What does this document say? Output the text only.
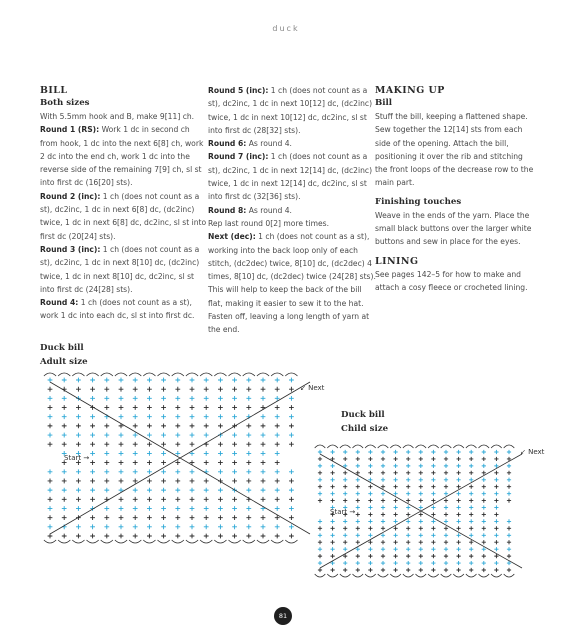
duck
BILL
Both sizes

With 5.5mm hook and B, make 9[11] ch.

Round 1 (RS): Work 1 dc in second ch from hook, 1 dc into the next 6[8] ch, work 2 dc into the end ch, work 1 dc into the reverse side of the remaining 7[9] ch, sl st into first dc (16[20] sts).

Round 2 (inc): 1 ch (does not count as a st), dc2inc, 1 dc in next 6[8] dc, (dc2inc) twice, 1 dc in next 6[8] dc, dc2inc, sl st into first dc (20[24] sts).

Round 3 (inc): 1 ch (does not count as a st), dc2inc, 1 dc in next 8[10] dc, (dc2inc) twice, 1 dc in next 8[10] dc, dc2inc, sl st into first dc (24[28] sts).

Round 4: 1 ch (does not count as a st), work 1 dc into each dc, sl st into first dc.

Round 5 (inc): 1 ch (does not count as a st), dc2inc, 1 dc in next 10[12] dc, (dc2inc) twice, 1 dc in next 10[12] dc, dc2inc, sl st into first dc (28[32] sts).

Round 6: As round 4.

Round 7 (inc): 1 ch (does not count as a st), dc2inc, 1 dc in next 12[14] dc, (dc2inc) twice, 1 dc in next 12[14] dc, dc2inc, sl st into first dc (32[36] sts).

Round 8: As round 4.

Rep last round 0[2] more times.

Next (dec): 1 ch (does not count as a st), working into the back loop only of each stitch, (dc2dec) twice, 8[10] dc, (dc2dec) 4 times, 8[10] dc, (dc2dec) twice (24[28] sts). This will help to keep the back of the bill flat, making it easier to sew it to the hat. Fasten off, leaving a long length of yarn at the end.

MAKING UP
Bill

Stuff the bill, keeping a flattened shape. Sew together the 12[14] sts from each side of the opening. Attach the bill, positioning it over the rib and stitching the front loops of the decrease row to the main part.

Finishing touches

Weave in the ends of the yarn. Place the small black buttons over the larger white buttons and sew in place for the eyes.

LINING

See pages 142–5 for how to make and attach a cosy fleece or crocheted lining.

Duck bill
Adult size
Start →
↙ Next
Duck bill
Child size
Start →
↙ Next
81
